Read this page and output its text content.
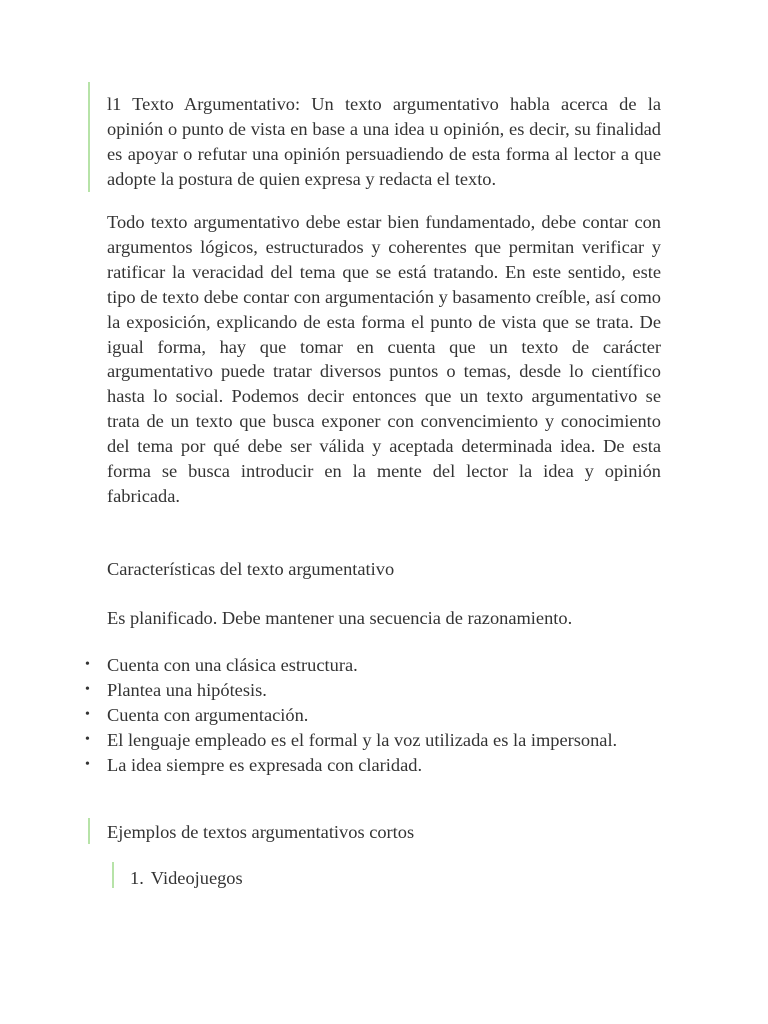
l1 Texto Argumentativo: Un texto argumentativo habla acerca de la opinión o punto de vista en base a una idea u opinión, es decir, su finalidad es apoyar o refutar una opinión persuadiendo de esta forma al lector a que adopte la postura de quien expresa y redacta el texto.

Todo texto argumentativo debe estar bien fundamentado, debe contar con argumentos lógicos, estructurados y coherentes que permitan verificar y ratificar la veracidad del tema que se está tratando. En este sentido, este tipo de texto debe contar con argumentación y basamento creíble, así como la exposición, explicando de esta forma el punto de vista que se trata. De igual forma, hay que tomar en cuenta que un texto de carácter argumentativo puede tratar diversos puntos o temas, desde lo científico hasta lo social. Podemos decir entonces que un texto argumentativo se trata de un texto que busca exponer con convencimiento y conocimiento del tema por qué debe ser válida y aceptada determinada idea. De esta forma se busca introducir en la mente del lector la idea y opinión fabricada.

Características del texto argumentativo

Es planificado. Debe mantener una secuencia de razonamiento.

• Cuenta con una clásica estructura.
• Plantea una hipótesis.
• Cuenta con argumentación.
• El lenguaje empleado es el formal y la voz utilizada es la impersonal.
• La idea siempre es expresada con claridad.

Ejemplos de textos argumentativos cortos

1. Videojuegos
